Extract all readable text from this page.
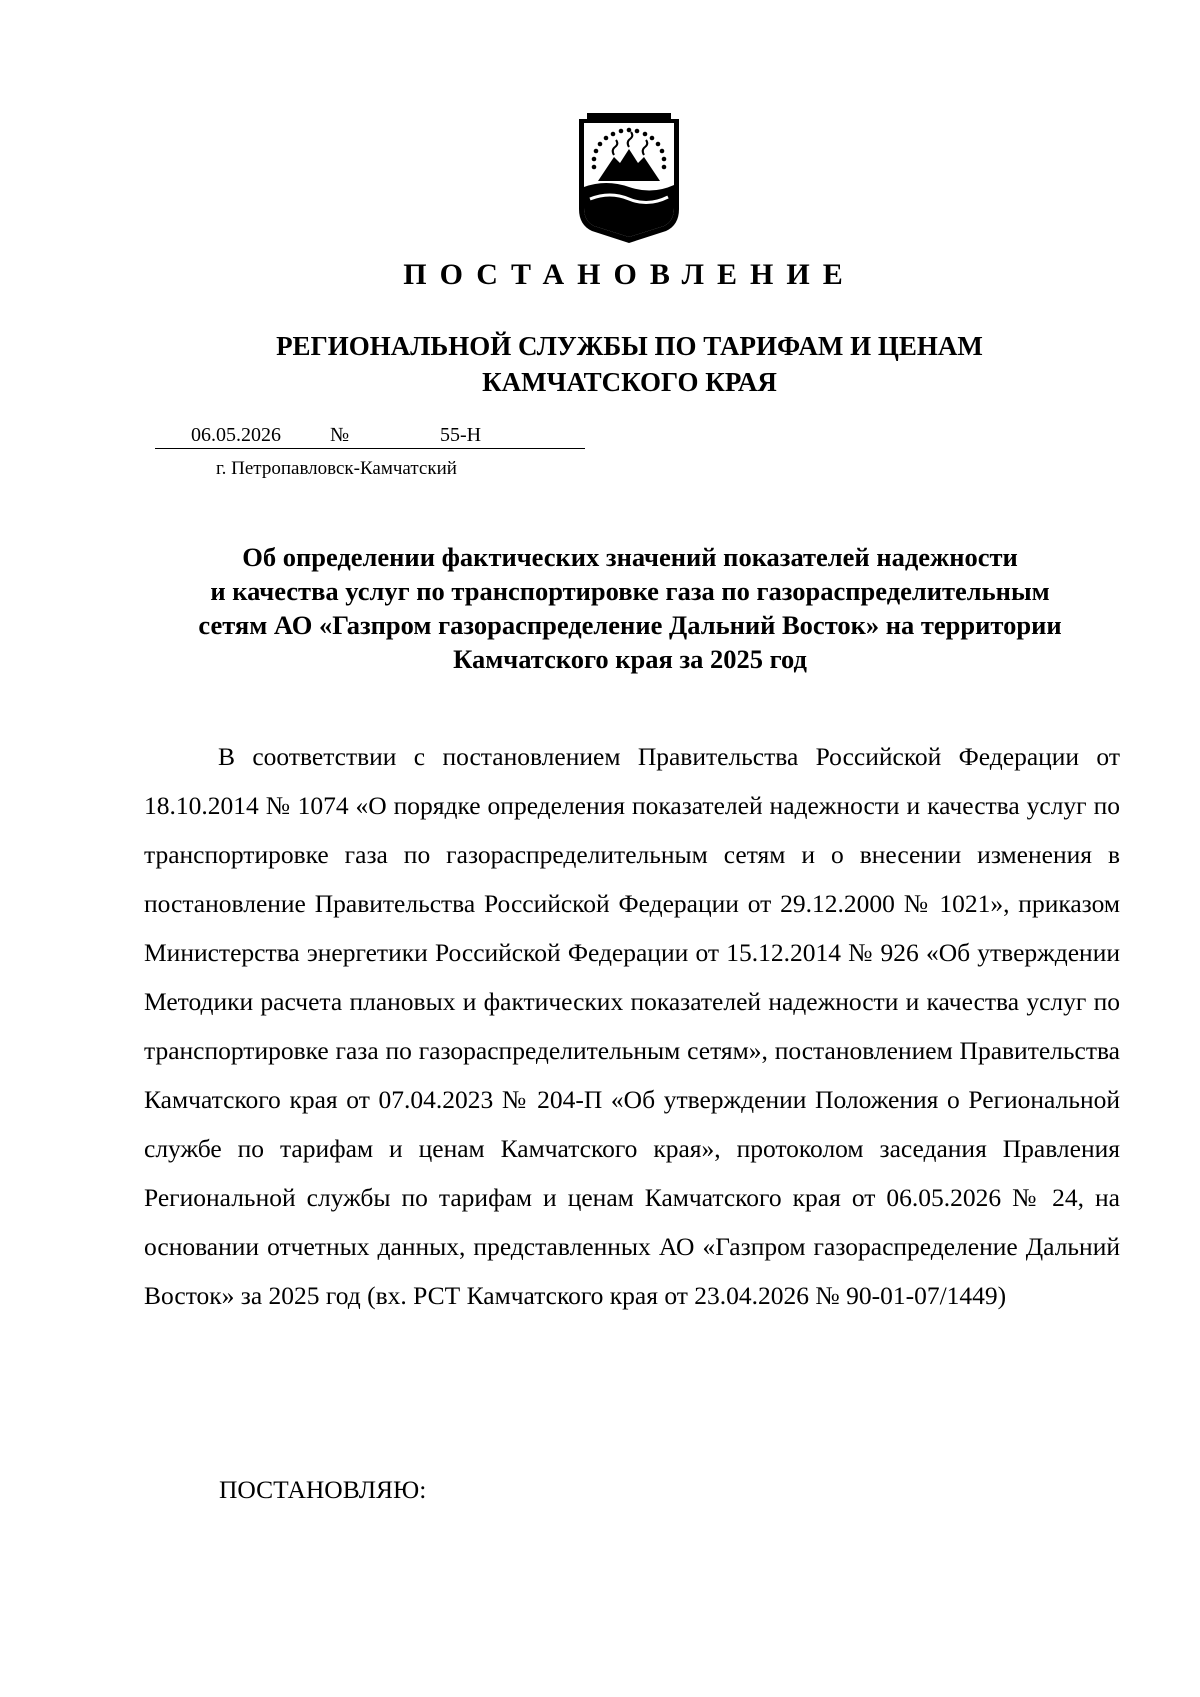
ПОСТАНОВЛЕНИЕ
РЕГИОНАЛЬНОЙ СЛУЖБЫ ПО ТАРИФАМ И ЦЕНАМ
КАМЧАТСКОГО КРАЯ
06.05.2026 №	55-Н

г. Петропавловск-Камчатский

Об определении фактических значений показателей надежности
и качества услуг по транспортировке газа по газораспределительным
сетям АО «Газпром газораспределение Дальний Восток» на территории
Камчатского края за 2025 год

В соответствии с постановлением Правительства Российской Федерации от 18.10.2014 № 1074 «О порядке определения показателей надежности и качества услуг по транспортировке газа по газораспределительным сетям и о внесении изменения в постановление Правительства Российской Федерации от 29.12.2000 № 1021», приказом Министерства энергетики Российской Федерации от 15.12.2014 № 926 «Об утверждении Методики расчета плановых и фактических показателей надежности и качества услуг по транспортировке газа по газораспределительным сетям», постановлением Правительства Камчатского края от 07.04.2023 № 204-П «Об утверждении Положения о Региональной службе по тарифам и ценам Камчатского края», протоколом заседания Правления Региональной службы по тарифам и ценам Камчатского края от 06.05.2026 № 24, на основании отчетных данных, представленных АО «Газпром газораспределение Дальний Восток» за 2025 год (вх. РСТ Камчатского края от 23.04.2026 № 90-01-07/1449)

ПОСТАНОВЛЯЮ:
